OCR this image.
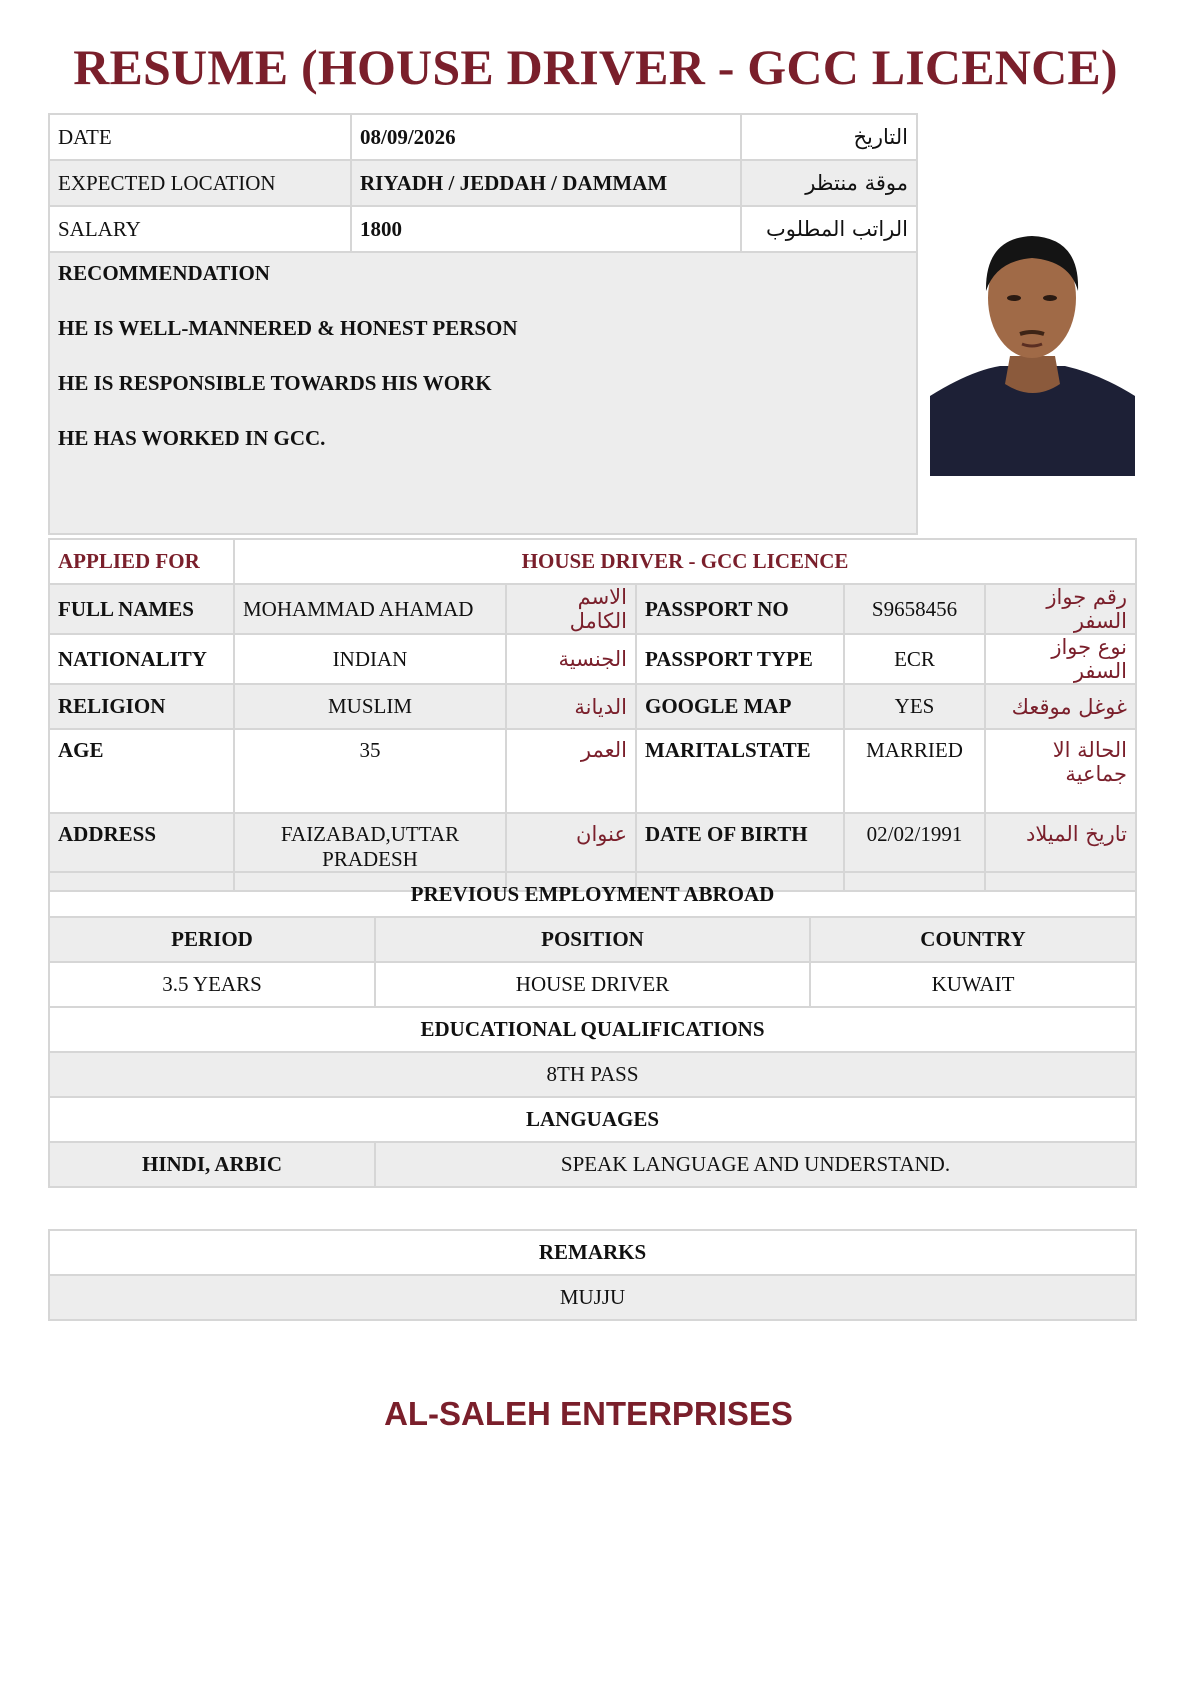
RESUME (HOUSE DRIVER - GCC LICENCE)
DATE	08/09/2026	التاريخ
EXPECTED LOCATION	RIYADH / JEDDAH / DAMMAM	موقة منتظر
SALARY	1800	الراتب المطلوب

RECOMMENDATION

HE IS WELL-MANNERED & HONEST PERSON

HE IS RESPONSIBLE TOWARDS HIS WORK

HE HAS WORKED IN GCC.		

APPLIED FOR	HOUSE DRIVER - GCC LICENCE				
FULL NAMES	MOHAMMAD AHAMAD	الاسم الكامل	PASSPORT NO	S9658456	رقم جواز السفر
NATIONALITY	INDIAN	الجنسية	PASSPORT TYPE	ECR	نوع جواز السفر
RELIGION	MUSLIM	الديانة	GOOGLE MAP	YES	غوغل موقعك
AGE	35	العمر	MARITALSTATE	MARRIED	الحالة الا جماعية
ADDRESS	FAIZABAD,UTTAR PRADESH	عنوان	DATE OF BIRTH	02/02/1991	تاريخ الميلاد
PREVIOUS EMPLOYMENT ABROAD		
PERIOD	POSITION	COUNTRY
3.5 YEARS	HOUSE DRIVER	KUWAIT
EDUCATIONAL QUALIFICATIONS		
8TH PASS		
LANGUAGES		
HINDI, ARBIC	SPEAK LANGUAGE AND UNDERSTAND.	
REMARKS
MUJJU
AL-SALEH ENTERPRISES
